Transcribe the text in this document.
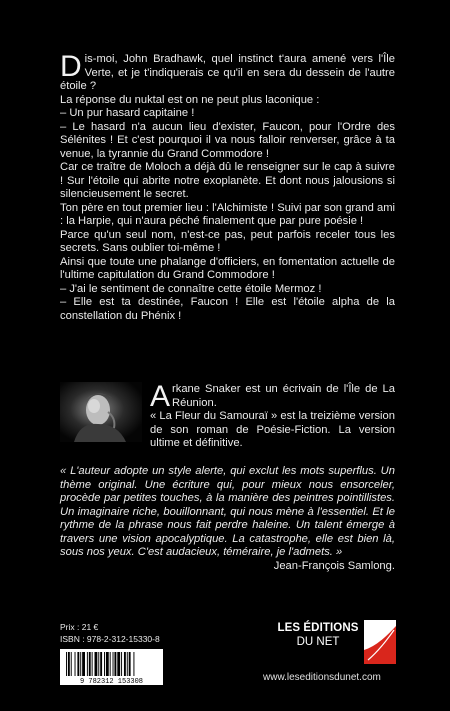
Dis-moi, John Bradhawk, quel instinct t'aura amené vers l'Île Verte, et je t'indiquerais ce qu'il en sera du dessein de l'autre étoile ?

La réponse du nuktal est on ne peut plus laconique :

– Un pur hasard capitaine !

– Le hasard n'a aucun lieu d'exister, Faucon, pour l'Ordre des Sélénites ! Et c'est pourquoi il va nous falloir renverser, grâce à ta venue, la tyrannie du Grand Commodore !

Car ce traître de Moloch a déjà dû le renseigner sur le cap à suivre ! Sur l'étoile qui abrite notre exoplanète. Et dont nous jalousions si silencieusement le secret.

Ton père en tout premier lieu : l'Alchimiste ! Suivi par son grand ami : la Harpie, qui n'aura péché finalement que par pure poésie !

Parce qu'un seul nom, n'est-ce pas, peut parfois receler tous les secrets. Sans oublier toi-même !

Ainsi que toute une phalange d'officiers, en fomentation actuelle de l'ultime capitulation du Grand Commodore !

– J'ai le sentiment de connaître cette étoile Mermoz !

– Elle est ta destinée, Faucon ! Elle est l'étoile alpha de la constellation du Phénix !

Arkane Snaker est un écrivain de l'Île de La Réunion.

« La Fleur du Samouraï » est la treizième version de son roman de Poésie-Fiction. La version ultime et définitive.

« L'auteur adopte un style alerte, qui exclut les mots superflus. Un thème original. Une écriture qui, pour mieux nous ensorceler, procède par petites touches, à la manière des peintres pointillistes. Un imaginaire riche, bouillonnant, qui nous mène à l'essentiel. Et le rythme de la phrase nous fait perdre haleine. Un talent émerge à travers une vision apocalyptique. La catastrophe, elle est bien là, sous nos yeux. C'est audacieux, téméraire, je l'admets. »
Jean-François Samlong.
Prix : 21 €
ISBN : 978-2-312-15330-8
9 782312 153308
LES ÉDITIONS
DU NET
www.leseditionsdunet.com
